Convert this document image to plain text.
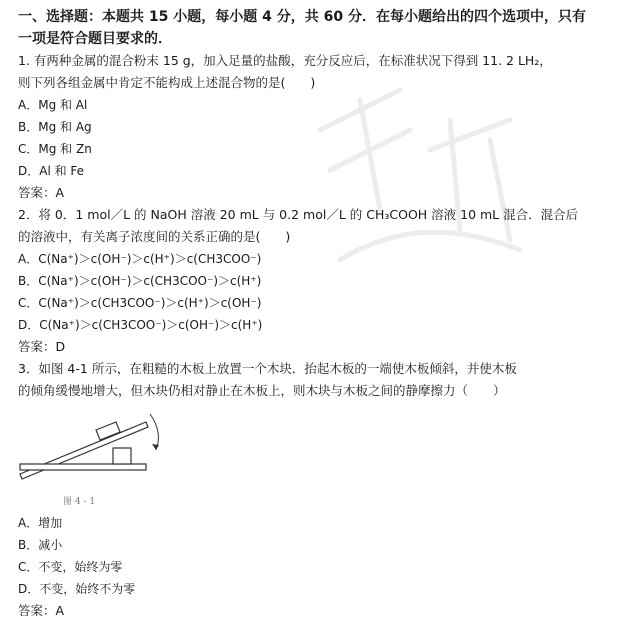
一、选择题：本题共 15 小题，每小题 4 分，共 60 分．在每小题给出的四个选项中，只有

一项是符合题目要求的．

1. 有两种金属的混合粉末 15 g，加入足量的盐酸，充分反应后，在标准状况下得到 11. 2 LH₂，

则下列各组金属中肯定不能构成上述混合物的是(　　)

A．Mg 和 Al

B．Mg 和 Ag

C．Mg 和 Zn

D．Al 和 Fe

答案：A

2．将 0．1 mol／L 的 NaOH 溶液 20 mL 与 0.2 mol／L 的 CH₃COOH 溶液 10 mL 混合．混合后

的溶液中，有关离子浓度间的关系正确的是(　　)

A．C(Na⁺)＞c(OH⁻)＞c(H⁺)＞c(CH3COO⁻)

B．C(Na⁺)＞c(OH⁻)＞c(CH3COO⁻)＞c(H⁺)

C．C(Na⁺)＞c(CH3COO⁻)＞c(H⁺)＞c(OH⁻)

D．C(Na⁺)＞c(CH3COO⁻)＞c(OH⁻)＞c(H⁺)

答案：D

3．如图 4-1 所示，在粗糙的木板上放置一个木块．抬起木板的一端使木板倾斜，并使木板

的倾角缓慢地增大，但木块仍相对静止在木板上，则木块与木板之间的静摩擦力（　　）

图 4 - 1

A．增加

B．减小

C．不变，始终为零

D．不变，始终不为零

答案：A
